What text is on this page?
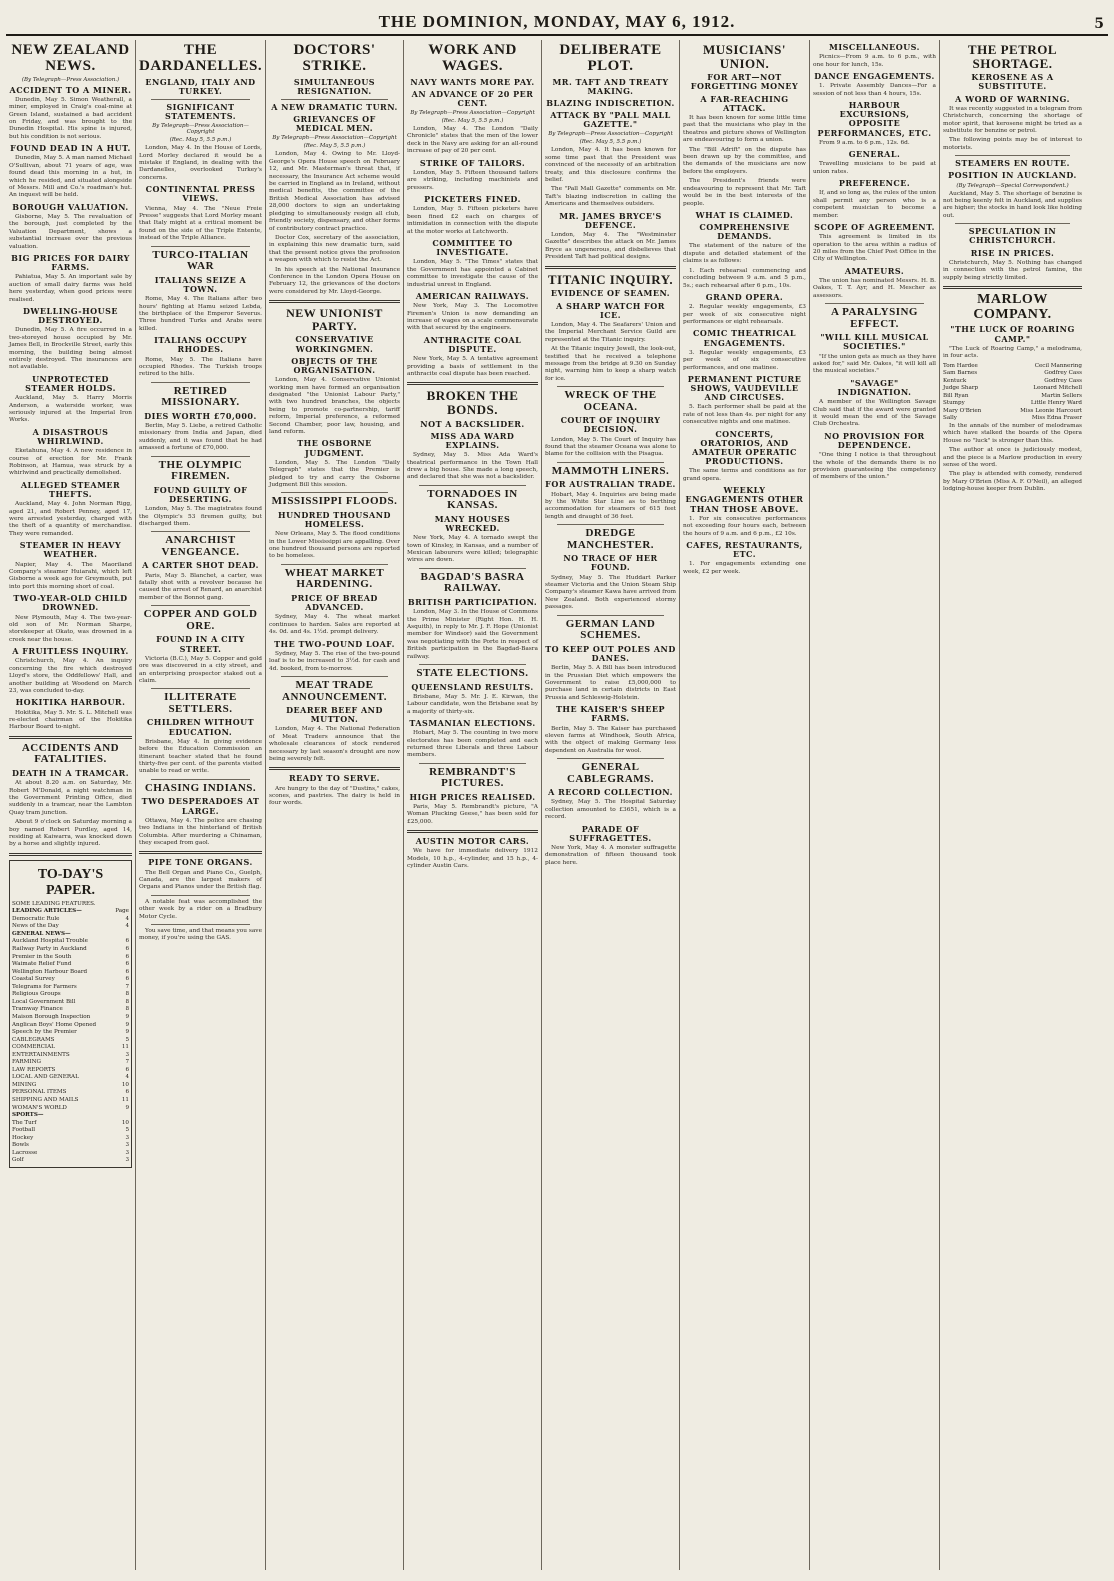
THE DOMINION, MONDAY, MAY 6, 1912.	5
NEW ZEALAND NEWS.
(By Telegraph—Press Association.)
ACCIDENT TO A MINER.

Dunedin, May 5. Simon Weatherall, a miner, employed in Craig's coal-mine at Green Island, sustained a bad accident on Friday, and was brought to the Dunedin Hospital. His spine is injured, but his condition is not serious.

FOUND DEAD IN A HUT.

Dunedin, May 5. A man named Michael O'Sullivan, about 71 years of age, was found dead this morning in a hut, in which he resided, and situated alongside of Messrs. Mill and Co.'s roadman's hut. An inquest will be held.

BOROUGH VALUATION.

Gisborne, May 5. The revaluation of the borough, just completed by the Valuation Department, shows a substantial increase over the previous valuation.

BIG PRICES FOR DAIRY FARMS.

Pahiatua, May 5. An important sale by auction of small dairy farms was held here yesterday, when good prices were realised.

DWELLING-HOUSE DESTROYED.

Dunedin, May 5. A fire occurred in a two-storeyed house occupied by Mr. James Bell, in Brockville Street, early this morning, the building being almost entirely destroyed. The insurances are not available.

UNPROTECTED STEAMER HOLDS.

Auckland, May 5. Harry Morris Anderson, a waterside worker, was seriously injured at the Imperial Iron Works.

A DISASTROUS WHIRLWIND.

Eketahuna, May 4. A new residence in course of erection for Mr. Frank Robinson, at Hamua, was struck by a whirlwind and practically demolished.

ALLEGED STEAMER THEFTS.

Auckland, May 4. John Norman Rigg, aged 21, and Robert Penney, aged 17, were arrested yesterday, charged with the theft of a quantity of merchandise. They were remanded.

STEAMER IN HEAVY WEATHER.

Napier, May 4. The Maoriland Company's steamer Huiarahi, which left Gisborne a week ago for Greymouth, put into port this morning short of coal.

TWO-YEAR-OLD CHILD DROWNED.

New Plymouth, May 4. The two-year-old son of Mr. Norman Sharpe, storekeeper at Okato, was drowned in a creek near the house.

A FRUITLESS INQUIRY.

Christchurch, May 4. An inquiry concerning the fire which destroyed Lloyd's store, the Oddfellows' Hall, and another building at Woodend on March 23, was concluded to-day.

HOKITIKA HARBOUR.

Hokitika, May 5. Mr. S. L. Mitchell was re-elected chairman of the Hokitika Harbour Board to-night.

ACCIDENTS AND FATALITIES.
DEATH IN A TRAMCAR.

At about 8.20 a.m. on Saturday, Mr. Robert M'Donald, a night watchman in the Government Printing Office, died suddenly in a tramcar, near the Lambton Quay tram junction.

About 9 o'clock on Saturday morning a boy named Robert Purdley, aged 14, residing at Kaiwarra, was knocked down by a horse and slightly injured.

TO-DAY'S PAPER.
SOME LEADING FEATURES.
LEADING ARTICLES—	Page
Democratic Rule	4
News of the Day	4
GENERAL NEWS—
Auckland Hospital Trouble	6
Railway Party in Auckland	6
Premier in the South	6
Waimate Relief Fund	6
Wellington Harbour Board	6
Coastal Survey	6
Telegrams for Farmers	7
Religious Groups	8
Local Government Bill	8
Tramway Finance	8
Maison Borough Inspection	9
Anglican Boys' Home Opened	9
Speech by the Premier	9
CABLEGRAMS	5
COMMERCIAL	11
ENTERTAINMENTS	3
FARMING	7
LAW REPORTS	6
LOCAL AND GENERAL	4
MINING	10
PERSONAL ITEMS	6
SHIPPING AND MAILS	11
WOMAN'S WORLD	9
SPORTS—
The Turf	10
Football	5
Hockey	3
Bowls	3
Lacrosse	3
Golf	3
THE DARDANELLES.
ENGLAND, ITALY AND TURKEY.
SIGNIFICANT STATEMENTS.
By Telegraph—Press Association—Copyright
(Rec. May 5, 5.5 p.m.)

London, May 4. In the House of Lords, Lord Morley declared it would be a mistake if England, in dealing with the Dardanelles, overlooked Turkey's concerns.

CONTINENTAL PRESS VIEWS.

Vienna, May 4. The "Neue Freie Presse" suggests that Lord Morley meant that Italy might at a critical moment be found on the side of the Triple Entente, instead of the Triple Alliance.

TURCO-ITALIAN WAR
ITALIANS SEIZE A TOWN.

Rome, May 4. The Italians after two hours' fighting at Hamu seized Lebda, the birthplace of the Emperor Severus. Three hundred Turks and Arabs were killed.

ITALIANS OCCUPY RHODES.

Rome, May 5. The Italians have occupied Rhodes. The Turkish troops retired to the hills.

RETIRED MISSIONARY.
DIES WORTH £70,000.

Berlin, May 5. Liebe, a retired Catholic missionary from India and Japan, died suddenly, and it was found that he had amassed a fortune of £70,000.

THE OLYMPIC FIREMEN.
FOUND GUILTY OF DESERTING.

London, May 5. The magistrates found the Olympic's 53 firemen guilty, but discharged them.

ANARCHIST VENGEANCE.
A CARTER SHOT DEAD.

Paris, May 5. Blanchet, a carter, was fatally shot with a revolver because he caused the arrest of Renard, an anarchist member of the Bonnot gang.

COPPER AND GOLD ORE.
FOUND IN A CITY STREET.

Victoria (B.C.), May 5. Copper and gold ore was discovered in a city street, and an enterprising prospector staked out a claim.

ILLITERATE SETTLERS.
CHILDREN WITHOUT EDUCATION.

Brisbane, May 4. In giving evidence before the Education Commission an itinerant teacher stated that he found thirty-five per cent. of the parents visited unable to read or write.

CHASING INDIANS.
TWO DESPERADOES AT LARGE.

Ottawa, May 4. The police are chasing two Indians in the hinterland of British Columbia. After murdering a Chinaman, they escaped from gaol.

PIPE TONE ORGANS.

The Bell Organ and Piano Co., Guelph, Canada, are the largest makers of Organs and Pianos under the British flag.

A notable feat was accomplished the other week by a rider on a Bradbury Motor Cycle.

You save time, and that means you save money, if you're using the GAS.

DOCTORS' STRIKE.
SIMULTANEOUS RESIGNATION.
A NEW DRAMATIC TURN.
GRIEVANCES OF MEDICAL MEN.
By Telegraph—Press Association—Copyright
(Rec. May 5, 5.5 p.m.)

London, May 4. Owing to Mr. Lloyd-George's Opera House speech on February 12, and Mr. Masterman's threat that, if necessary, the Insurance Act scheme would be carried in England as in Ireland, without medical benefits, the committee of the British Medical Association has advised 28,000 doctors to sign an undertaking pledging to simultaneously resign all club, friendly society, dispensary, and other forms of contributory contract practice.

Doctor Cox, secretary of the association, in explaining this new dramatic turn, said that the present notice gives the profession a weapon with which to resist the Act.

In his speech at the National Insurance Conference in the London Opera House on February 12, the grievances of the doctors were considered by Mr. Lloyd-George.

NEW UNIONIST PARTY.
CONSERVATIVE WORKINGMEN.
OBJECTS OF THE ORGANISATION.

London, May 4. Conservative Unionist working men have formed an organisation designated "the Unionist Labour Party," with two hundred branches, the objects being to promote co-partnership, tariff reform, Imperial preference, a reformed Second Chamber, poor law, housing, and land reform.

THE OSBORNE JUDGMENT.

London, May 5. The London "Daily Telegraph" states that the Premier is pledged to try and carry the Osborne Judgment Bill this session.

MISSISSIPPI FLOODS.
HUNDRED THOUSAND HOMELESS.

New Orleans, May 5. The flood conditions in the Lower Mississippi are appalling. Over one hundred thousand persons are reported to be homeless.

WHEAT MARKET HARDENING.
PRICE OF BREAD ADVANCED.

Sydney, May 4. The wheat market continues to harden. Sales are reported at 4s. 0d. and 4s. 1½d. prompt delivery.

THE TWO-POUND LOAF.

Sydney, May 5. The rise of the two-pound loaf is to be increased to 3½d. for cash and 4d. booked, from to-morrow.

MEAT TRADE ANNOUNCEMENT.
DEARER BEEF AND MUTTON.

London, May 4. The National Federation of Meat Traders announce that the wholesale clearances of stock rendered necessary by last season's drought are now being severely felt.

READY TO SERVE.

Are hungry to the day of "Dustins," cakes, scones, and pastries. The dairy is held in four words.

WORK AND WAGES.
NAVY WANTS MORE PAY.
AN ADVANCE OF 20 PER CENT.
By Telegraph—Press Association—Copyright
(Rec. May 5, 5.5 p.m.)

London, May 4. The London "Daily Chronicle" states that the men of the lower deck in the Navy are asking for an all-round increase of pay of 20 per cent.

STRIKE OF TAILORS.

London, May 5. Fifteen thousand tailors are striking, including machinists and pressers.

PICKETERS FINED.

London, May 5. Fifteen picketers have been fined £2 each on charges of intimidation in connection with the dispute at the motor works at Letchworth.

COMMITTEE TO INVESTIGATE.

London, May 5. "The Times" states that the Government has appointed a Cabinet committee to investigate the cause of the industrial unrest in England.

AMERICAN RAILWAYS.

New York, May 3. The Locomotive Firemen's Union is now demanding an increase of wages on a scale commensurate with that secured by the engineers.

ANTHRACITE COAL DISPUTE.

New York, May 5. A tentative agreement providing a basis of settlement in the anthracite coal dispute has been reached.

BROKEN THE BONDS.
NOT A BACKSLIDER.
MISS ADA WARD EXPLAINS.

Sydney, May 5. Miss Ada Ward's theatrical performance in the Town Hall drew a big house. She made a long speech, and declared that she was not a backslider.

TORNADOES IN KANSAS.
MANY HOUSES WRECKED.

New York, May 4. A tornado swept the town of Kinsley, in Kansas, and a number of Mexican labourers were killed; telegraphic wires are down.

BAGDAD'S BASRA RAILWAY.
BRITISH PARTICIPATION.

London, May 3. In the House of Commons the Prime Minister (Right Hon. H. H. Asquith), in reply to Mr. J. F. Hope (Unionist member for Windsor) said the Government was negotiating with the Porte in respect of British participation in the Bagdad-Basra railway.

STATE ELECTIONS.
QUEENSLAND RESULTS.

Brisbane, May 5. Mr. J. E. Kirwan, the Labour candidate, won the Brisbane seat by a majority of thirty-six.

TASMANIAN ELECTIONS.

Hobart, May 5. The counting in two more electorates has been completed and each returned three Liberals and three Labour members.

REMBRANDT'S PICTURES.
HIGH PRICES REALISED.

Paris, May 5. Rembrandt's picture, "A Woman Plucking Geese," has been sold for £25,000.

AUSTIN MOTOR CARS.

We have for immediate delivery 1912 Models, 10 h.p., 4-cylinder, and 15 h.p., 4-cylinder Austin Cars.

DELIBERATE PLOT.
MR. TAFT AND TREATY MAKING.
BLAZING INDISCRETION.
ATTACK BY "PALL MALL GAZETTE."
By Telegraph—Press Association—Copyright
(Rec. May 5, 5.5 p.m.)

London, May 4. It has been known for some time past that the President was convinced of the necessity of an arbitration treaty, and this disclosure confirms the belief.

The "Pall Mall Gazette" comments on Mr. Taft's blazing indiscretion in calling the Americans and themselves outsiders.

MR. JAMES BRYCE'S DEFENCE.

London, May 4. The "Westminster Gazette" describes the attack on Mr. James Bryce as ungenerous, and disbelieves that President Taft had political designs.

TITANIC INQUIRY.
EVIDENCE OF SEAMEN.
A SHARP WATCH FOR ICE.

London, May 4. The Seafarers' Union and the Imperial Merchant Service Guild are represented at the Titanic inquiry.

At the Titanic inquiry Jewell, the look-out, testified that he received a telephone message from the bridge at 9.30 on Sunday night, warning him to keep a sharp watch for ice.

WRECK OF THE OCEANA.
COURT OF INQUIRY DECISION.

London, May 5. The Court of Inquiry has found that the steamer Oceana was alone to blame for the collision with the Pisagua.

MAMMOTH LINERS.
FOR AUSTRALIAN TRADE.

Hobart, May 4. Inquiries are being made by the White Star Line as to berthing accommodation for steamers of 615 feet length and draught of 36 feet.

DREDGE MANCHESTER.
NO TRACE OF HER FOUND.

Sydney, May 5. The Huddart Parker steamer Victoria and the Union Steam Ship Company's steamer Kawa have arrived from New Zealand. Both experienced stormy passages.

GERMAN LAND SCHEMES.
TO KEEP OUT POLES AND DANES.

Berlin, May 5. A Bill has been introduced in the Prussian Diet which empowers the Government to raise £5,000,000 to purchase land in certain districts in East Prussia and Schleswig-Holstein.

THE KAISER'S SHEEP FARMS.

Berlin, May 5. The Kaiser has purchased eleven farms at Windhoek, South Africa, with the object of making Germany less dependent on Australia for wool.

GENERAL CABLEGRAMS.
A RECORD COLLECTION.

Sydney, May 5. The Hospital Saturday collection amounted to £3651, which is a record.

PARADE OF SUFFRAGETTES.

New York, May 4. A monster suffragette demonstration of fifteen thousand took place here.

MUSICIANS' UNION.
FOR ART—NOT FORGETTING MONEY
A FAR-REACHING ATTACK.

It has been known for some little time past that the musicians who play in the theatres and picture shows of Wellington are endeavouring to form a union.

The "Bill Adrift" on the dispute has been drawn up by the committee, and the demands of the musicians are now before the employers.

The President's friends were endeavouring to represent that Mr. Taft would be in the best interests of the people.

WHAT IS CLAIMED.
COMPREHENSIVE DEMANDS.

The statement of the nature of the dispute and detailed statement of the claims is as follows:

1. Each rehearsal commencing and concluding between 9 a.m. and 5 p.m., 5s.; each rehearsal after 6 p.m., 10s.

GRAND OPERA.

2. Regular weekly engagements, £3 per week of six consecutive night performances or eight rehearsals.

COMIC THEATRICAL ENGAGEMENTS.

3. Regular weekly engagements, £3 per week of six consecutive performances, and one matinee.

PERMANENT PICTURE SHOWS, VAUDEVILLE AND CIRCUSES.

5. Each performer shall be paid at the rate of not less than 4s. per night for any consecutive nights and one matinee.

CONCERTS, ORATORIOS, AND AMATEUR OPERATIC PRODUCTIONS.

The same terms and conditions as for grand opera.

WEEKLY ENGAGEMENTS OTHER THAN THOSE ABOVE.

1. For six consecutive performances not exceeding four hours each, between the hours of 9 a.m. and 6 p.m., £2 10s.

CAFES, RESTAURANTS, ETC.

1. For engagements extending one week, £2 per week.

MISCELLANEOUS.

Picnics—From 9 a.m. to 6 p.m., with one hour for lunch, 15s.

DANCE ENGAGEMENTS.

1. Private Assembly Dances—For a session of not less than 4 hours, 15s.

HARBOUR EXCURSIONS, OPPOSITE PERFORMANCES, ETC.

From 9 a.m. to 6 p.m., 12s. 6d.

GENERAL.

Travelling musicians to be paid at union rates.

PREFERENCE.

If, and so long as, the rules of the union shall permit any person who is a competent musician to become a member.

SCOPE OF AGREEMENT.

This agreement is limited in its operation to the area within a radius of 20 miles from the Chief Post Office in the City of Wellington.

AMATEURS.

The union has nominated Messrs. H. B. Oakes, T. T. Ayr, and H. Mescher as assessors.

A PARALYSING EFFECT.
"WILL KILL MUSICAL SOCIETIES."

"If the union gets as much as they have asked for," said Mr. Oakes, "it will kill all the musical societies."

"SAVAGE" INDIGNATION.

A member of the Wellington Savage Club said that if the award were granted it would mean the end of the Savage Club Orchestra.

NO PROVISION FOR DEPENDENCE.

"One thing I notice is that throughout the whole of the demands there is no provision guaranteeing the competency of members of the union."

THE PETROL SHORTAGE.
KEROSENE AS A SUBSTITUTE.
A WORD OF WARNING.

It was recently suggested in a telegram from Christchurch, concerning the shortage of motor spirit, that kerosene might be tried as a substitute for benzine or petrol.

The following points may be of interest to motorists.

STEAMERS EN ROUTE.
POSITION IN AUCKLAND.
(By Telegraph—Special Correspondent.)

Auckland, May 5. The shortage of benzine is not being keenly felt in Auckland, and supplies are higher; the stocks in hand look like holding out.

SPECULATION IN CHRISTCHURCH.
RISE IN PRICES.

Christchurch, May 5. Nothing has changed in connection with the petrol famine, the supply being strictly limited.

MARLOW COMPANY.
"THE LUCK OF ROARING CAMP."

"The Luck of Roaring Camp," a melodrama, in four acts.

Tom Hardee	Cecil Mannering
Sam Barnes	Godfrey Cass
Kentuck	Godfrey Cass
Judge Sharp	Leonard Mitchell
Bill Ryan	Martin Sellers
Stumpy	Little Henry Ward
Mary O'Brien	Miss Leonie Harcourt
Sally	Miss Edna Fraser

In the annals of the number of melodramas which have stalked the boards of the Opera House no "luck" is stronger than this.

The author at once is judiciously modest, and the piece is a Marlow production in every sense of the word.

The play is attended with comedy, rendered by Mary O'Brien (Miss A. F. O'Neil), an alleged lodging-house keeper from Dublin.
